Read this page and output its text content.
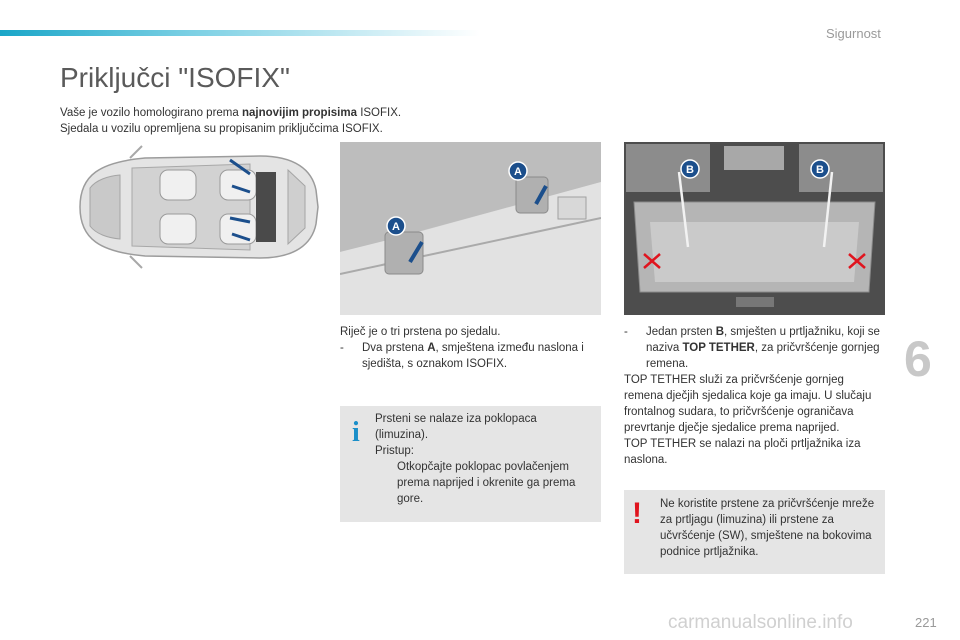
Sigurnost
Priključci "ISOFIX"
Vaše je vozilo homologirano prema najnovijim propisima ISOFIX.
Sjedala u vozilu opremljena su propisanim priključcima ISOFIX.
A
A	B	B
Riječ je o tri prstena po sjedalu.
-	Dva prstena A, smještena između naslona i sjedišta, s oznakom ISOFIX.
Prsteni se nalaze iza poklopaca (limuzina).
Pristup:
Otkopčajte poklopac povlačenjem prema naprijed i okrenite ga prema gore.
i
-	Jedan prsten B, smješten u prtljažniku, koji se naziva TOP TETHER, za pričvršćenje gornjeg remena.
TOP TETHER služi za pričvršćenje gornjeg remena dječjih sjedalica koje ga imaju. U slučaju frontalnog sudara, to pričvršćenje ograničava prevrtanje dječje sjedalice prema naprijed.
TOP TETHER se nalazi na ploči prtljažnika iza naslona.
Ne koristite prstene za pričvršćenje mreže za prtljagu (limuzina) ili prstene za učvršćenje (SW), smještene na bokovima podnice prtljažnika.
!
6
carmanualsonline.info	221
